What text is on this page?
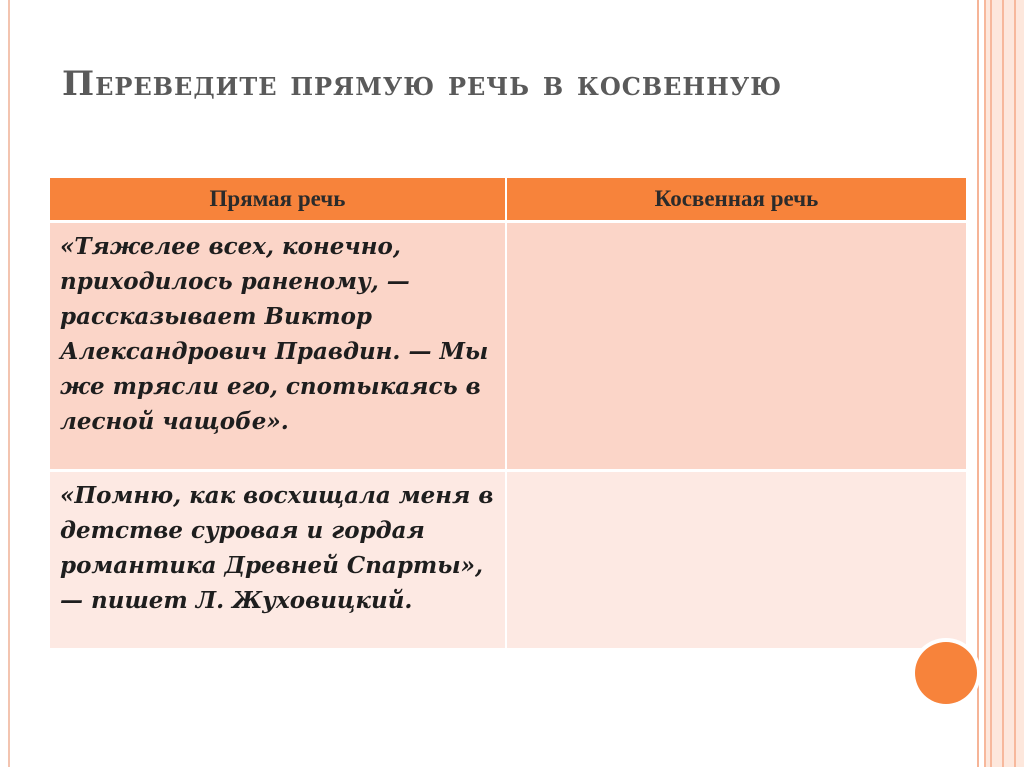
Переведите прямую речь в косвенную
Прямая речь	Косвенная речь
«Тяжелее всех, конечно, приходилось раненому, — рассказывает Виктор Александрович Правдин. — Мы же трясли его, спотыкаясь в лесной чащобе».	
«Помню, как восхищала меня в детстве суровая и гордая романтика Древней Спарты»,— пишет Л. Жуховицкий.	
